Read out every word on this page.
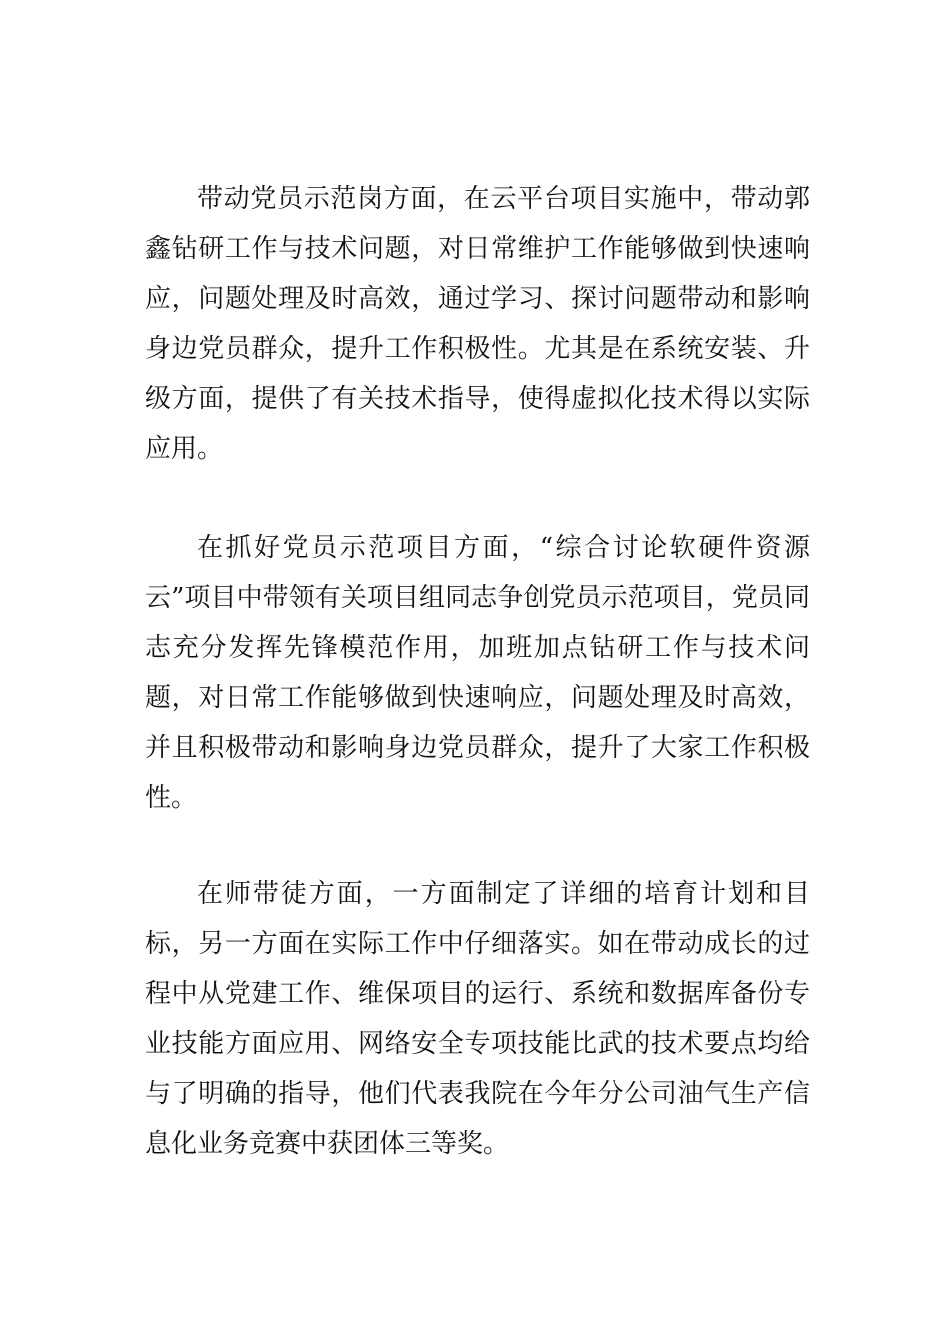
带动党员示范岗方面，在云平台项目实施中，带动郭鑫钻研工作与技术问题，对日常维护工作能够做到快速响应，问题处理及时高效，通过学习、探讨问题带动和影响身边党员群众，提升工作积极性。尤其是在系统安装、升级方面，提供了有关技术指导，使得虚拟化技术得以实际应用。

在抓好党员示范项目方面，“综合讨论软硬件资源云”项目中带领有关项目组同志争创党员示范项目，党员同志充分发挥先锋模范作用，加班加点钻研工作与技术问题，对日常工作能够做到快速响应，问题处理及时高效，并且积极带动和影响身边党员群众，提升了大家工作积极性。

在师带徒方面，一方面制定了详细的培育计划和目标，另一方面在实际工作中仔细落实。如在带动成长的过程中从党建工作、维保项目的运行、系统和数据库备份专业技能方面应用、网络安全专项技能比武的技术要点均给与了明确的指导，他们代表我院在今年分公司油气生产信息化业务竞赛中获团体三等奖。
